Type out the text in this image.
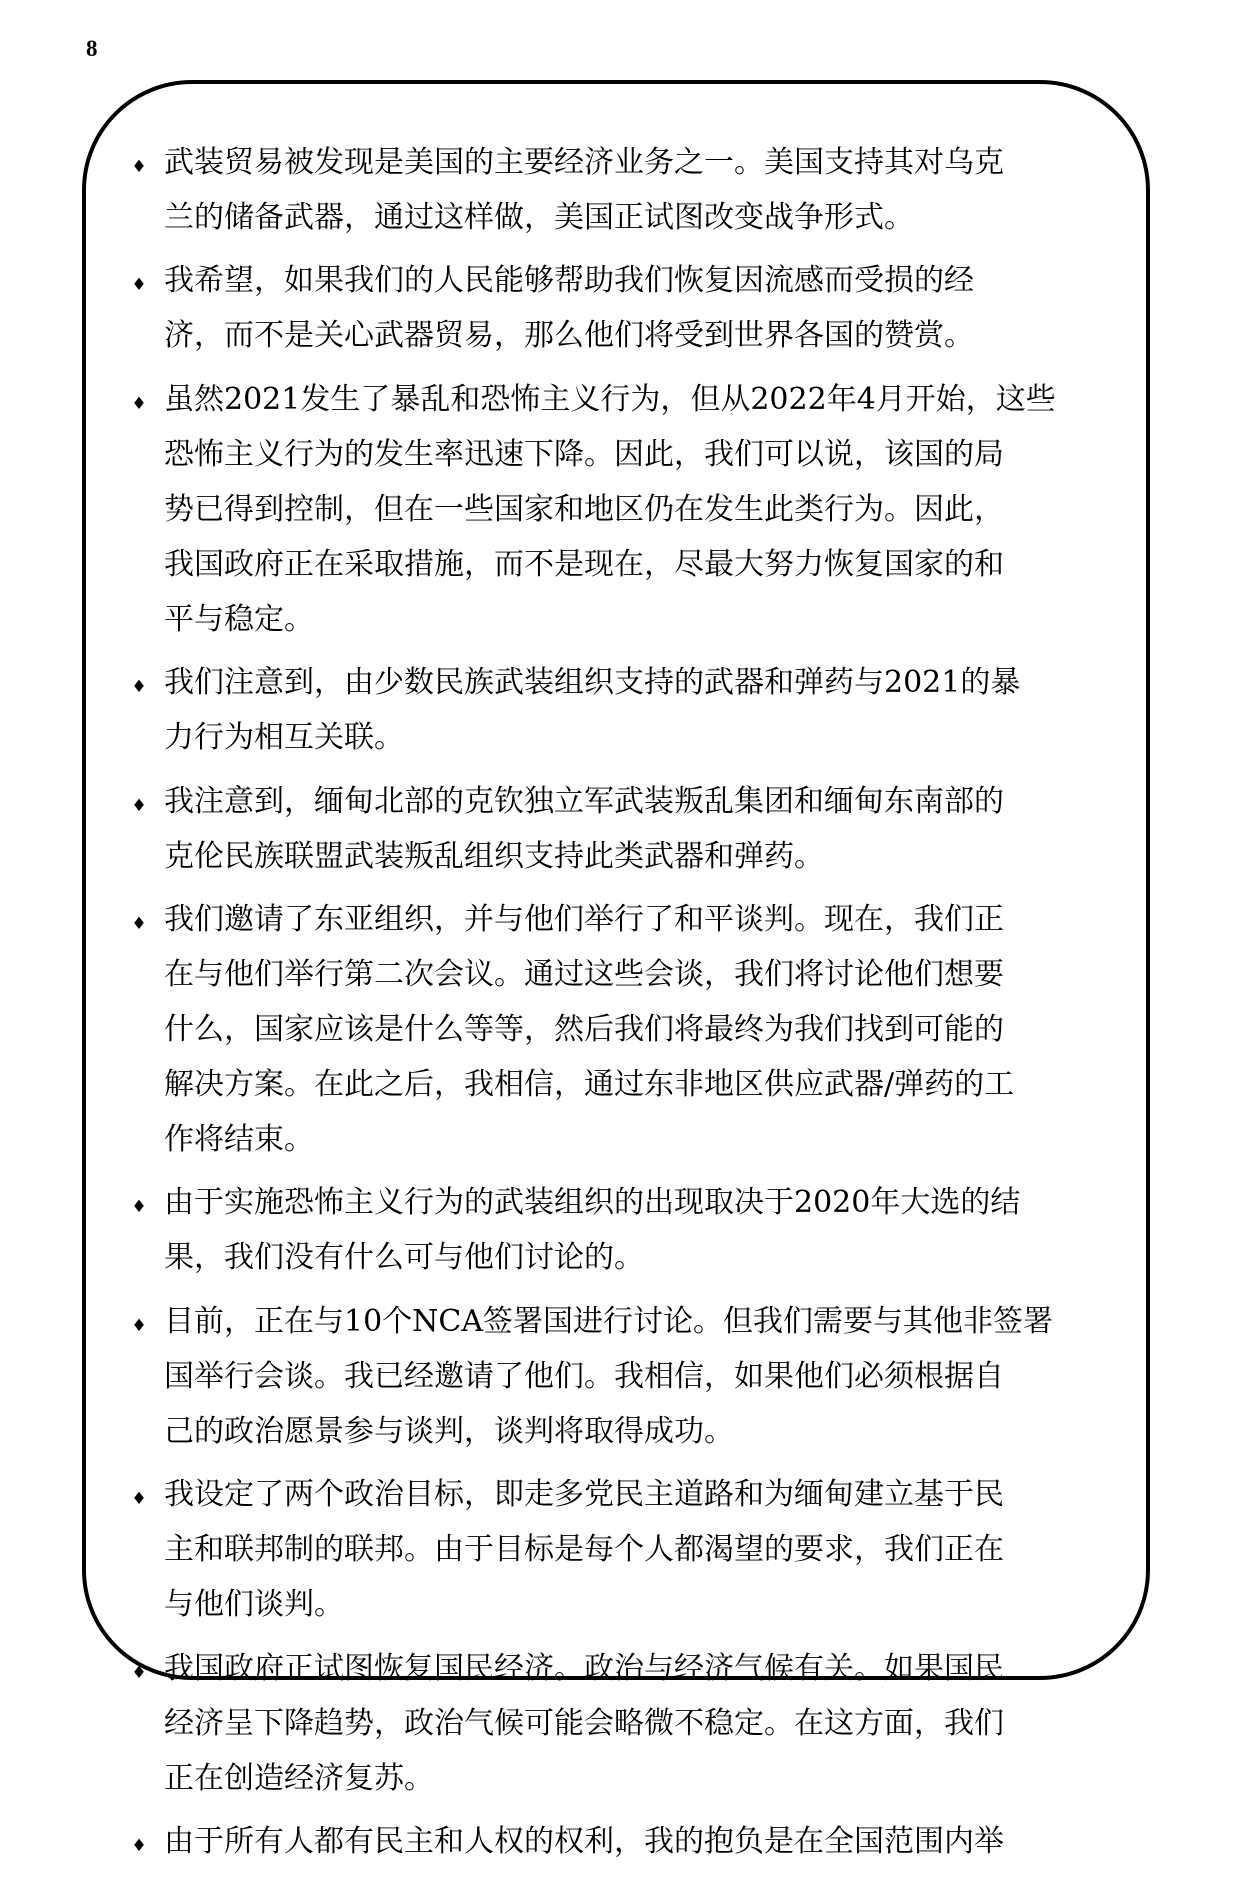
8
♦ 武装贸易被发现是美国的主要经济业务之一。美国支持其对乌克
兰的储备武器，通过这样做，美国正试图改变战争形式。
♦ 我希望，如果我们的人民能够帮助我们恢复因流感而受损的经
济，而不是关心武器贸易，那么他们将受到世界各国的赞赏。
♦ 虽然2021发生了暴乱和恐怖主义行为，但从2022年4月开始，这些
恐怖主义行为的发生率迅速下降。因此，我们可以说，该国的局
势已得到控制，但在一些国家和地区仍在发生此类行为。因此，
我国政府正在采取措施，而不是现在，尽最大努力恢复国家的和
平与稳定。
♦ 我们注意到，由少数民族武装组织支持的武器和弹药与2021的暴
力行为相互关联。
♦ 我注意到，缅甸北部的克钦独立军武装叛乱集团和缅甸东南部的
克伦民族联盟武装叛乱组织支持此类武器和弹药。
♦ 我们邀请了东亚组织，并与他们举行了和平谈判。现在，我们正
在与他们举行第二次会议。通过这些会谈，我们将讨论他们想要
什么，国家应该是什么等等，然后我们将最终为我们找到可能的
解决方案。在此之后，我相信，通过东非地区供应武器/弹药的工
作将结束。
♦ 由于实施恐怖主义行为的武装组织的出现取决于2020年大选的结
果，我们没有什么可与他们讨论的。
♦ 目前，正在与10个NCA签署国进行讨论。但我们需要与其他非签署
国举行会谈。我已经邀请了他们。我相信，如果他们必须根据自
己的政治愿景参与谈判，谈判将取得成功。
♦ 我设定了两个政治目标，即走多党民主道路和为缅甸建立基于民
主和联邦制的联邦。由于目标是每个人都渴望的要求，我们正在
与他们谈判。
♦ 我国政府正试图恢复国民经济。政治与经济气候有关。如果国民
经济呈下降趋势，政治气候可能会略微不稳定。在这方面，我们
正在创造经济复苏。
♦ 由于所有人都有民主和人权的权利，我的抱负是在全国范围内举
